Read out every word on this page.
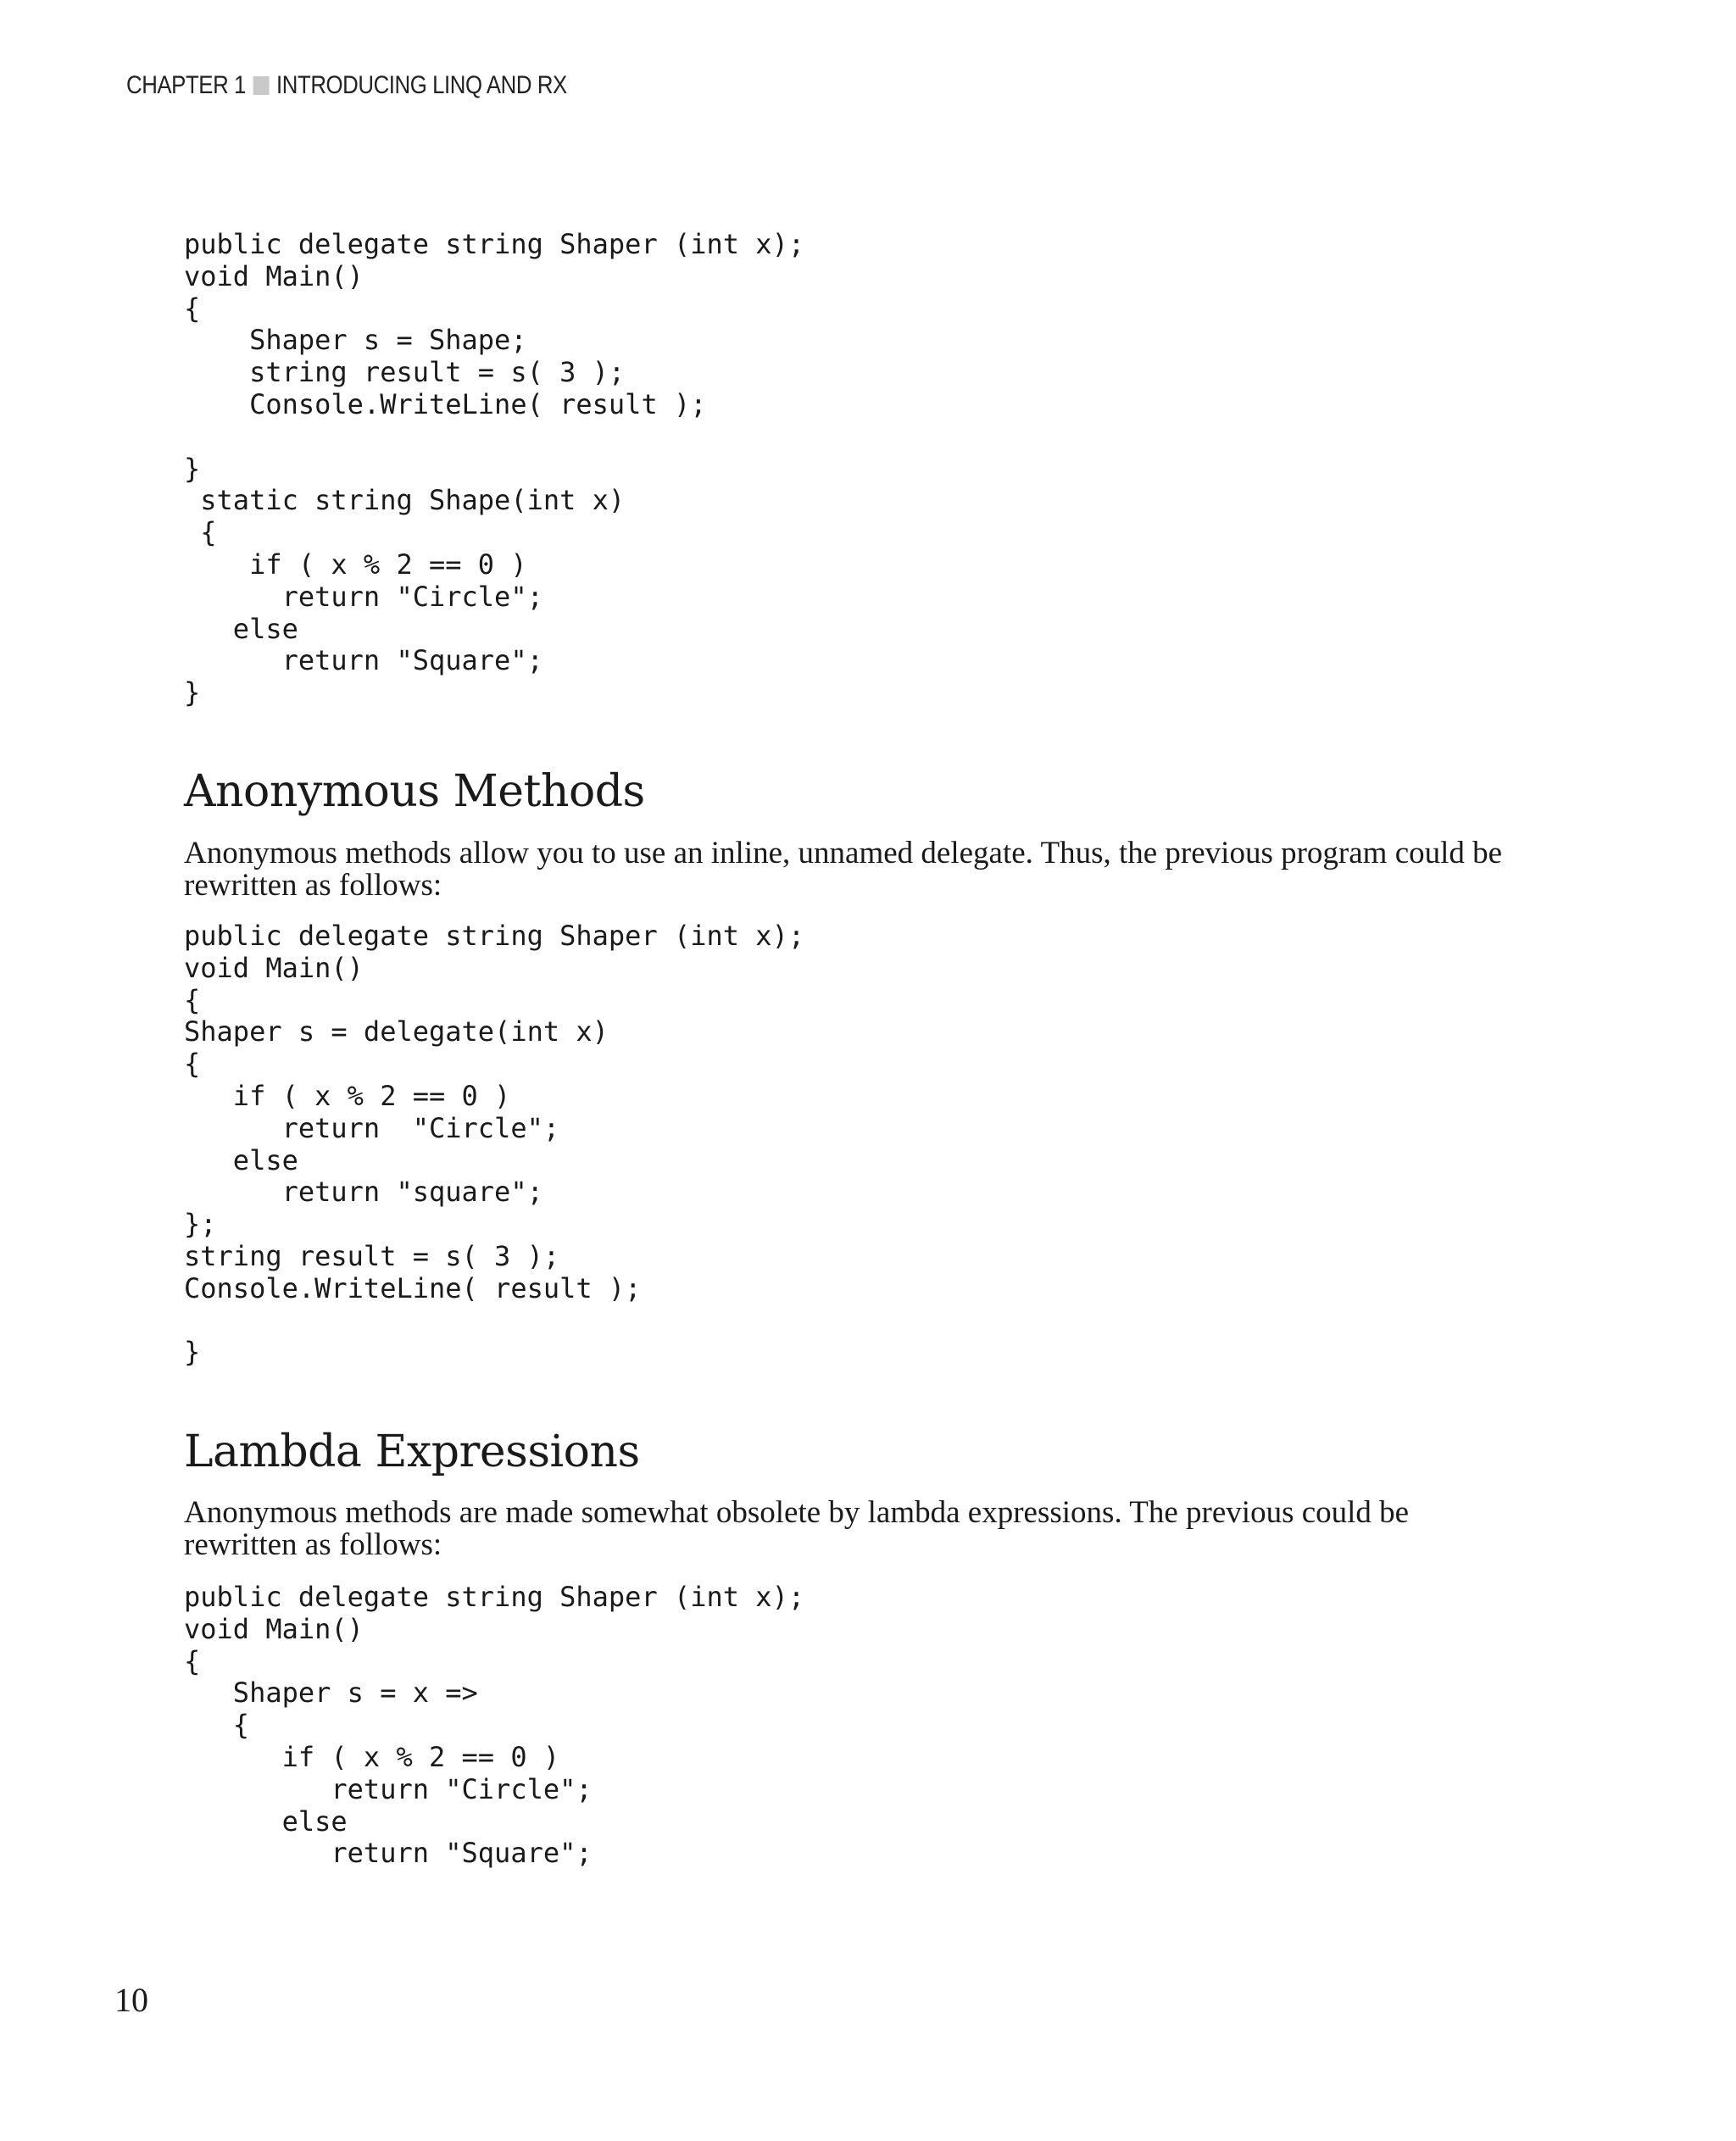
CHAPTER 1 INTRODUCING LINQ AND RX
public delegate string Shaper (int x);
void Main()
{
Shaper s = Shape;
string result = s( 3 );
Console.WriteLine( result );
}
static string Shape(int x)
{
if ( x % 2 == 0 )
return "Circle";
else
return "Square";
}
Anonymous Methods

Anonymous methods allow you to use an inline, unnamed delegate. Thus, the previous program could be rewritten as follows:

public delegate string Shaper (int x);
void Main()
{
Shaper s = delegate(int x)
{
if ( x % 2 == 0 )
return  "Circle";
else
return "square";
};
string result = s( 3 );
Console.WriteLine( result );
}
Lambda Expressions

Anonymous methods are made somewhat obsolete by lambda expressions. The previous could be rewritten as follows:

public delegate string Shaper (int x);
void Main()
{
Shaper s = x =>
{
if ( x % 2 == 0 )
return "Circle";
else
return "Square";
10
